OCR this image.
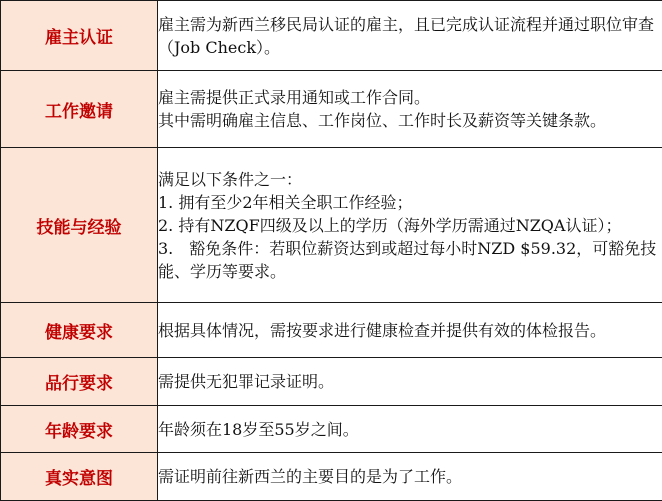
雇主认证	雇主需为新西兰移民局认证的雇主，且已完成认证流程并通过职位审查（Job Check）。

工作邀请	雇主需提供正式录用通知或工作合同。
其中需明确雇主信息、工作岗位、工作时长及薪资等关键条款。

技能与经验	满足以下条件之一：
1. 拥有至少2年相关全职工作经验；
2. 持有NZQF四级及以上的学历（海外学历需通过NZQA认证）；
3.　豁免条件：若职位薪资达到或超过每小时NZD $59.32，可豁免技能、学历等要求。

健康要求	根据具体情况，需按要求进行健康检查并提供有效的体检报告。

品行要求	需提供无犯罪记录证明。

年龄要求	年龄须在18岁至55岁之间。

真实意图	需证明前往新西兰的主要目的是为了工作。
